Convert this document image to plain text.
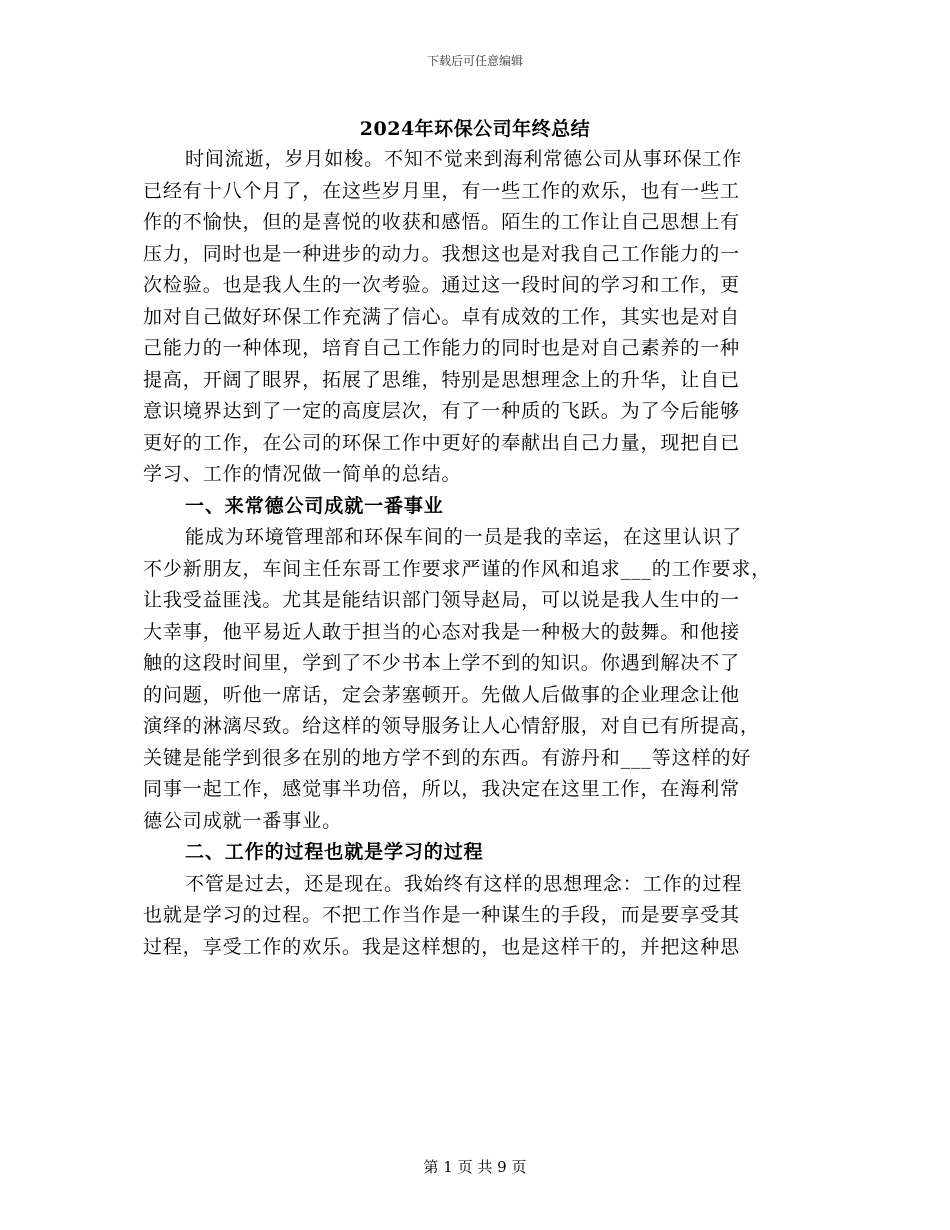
下载后可任意编辑
2024年环保公司年终总结
时间流逝，岁月如梭。不知不觉来到海利常德公司从事环保工作
已经有十八个月了，在这些岁月里，有一些工作的欢乐，也有一些工
作的不愉快，但的是喜悦的收获和感悟。陌生的工作让自己思想上有
压力，同时也是一种进步的动力。我想这也是对我自己工作能力的一
次检验。也是我人生的一次考验。通过这一段时间的学习和工作，更
加对自己做好环保工作充满了信心。卓有成效的工作，其实也是对自
己能力的一种体现，培育自己工作能力的同时也是对自己素养的一种
提高，开阔了眼界，拓展了思维，特别是思想理念上的升华，让自已
意识境界达到了一定的高度层次，有了一种质的飞跃。为了今后能够
更好的工作，在公司的环保工作中更好的奉献出自己力量，现把自已
学习、工作的情况做一简单的总结。
一、来常德公司成就一番事业
能成为环境管理部和环保车间的一员是我的幸运，在这里认识了
不少新朋友，车间主任东哥工作要求严谨的作风和追求___的工作要求，
让我受益匪浅。尤其是能结识部门领导赵局，可以说是我人生中的一
大幸事，他平易近人敢于担当的心态对我是一种极大的鼓舞。和他接
触的这段时间里，学到了不少书本上学不到的知识。你遇到解决不了
的问题，听他一席话，定会茅塞顿开。先做人后做事的企业理念让他
演绎的淋漓尽致。给这样的领导服务让人心情舒服，对自已有所提高，
关键是能学到很多在别的地方学不到的东西。有游丹和___等这样的好
同事一起工作，感觉事半功倍，所以，我决定在这里工作，在海利常
德公司成就一番事业。
二、工作的过程也就是学习的过程
不管是过去，还是现在。我始终有这样的思想理念：工作的过程
也就是学习的过程。不把工作当作是一种谋生的手段，而是要享受其
过程，享受工作的欢乐。我是这样想的，也是这样干的，并把这种思
第 1 页 共 9 页
